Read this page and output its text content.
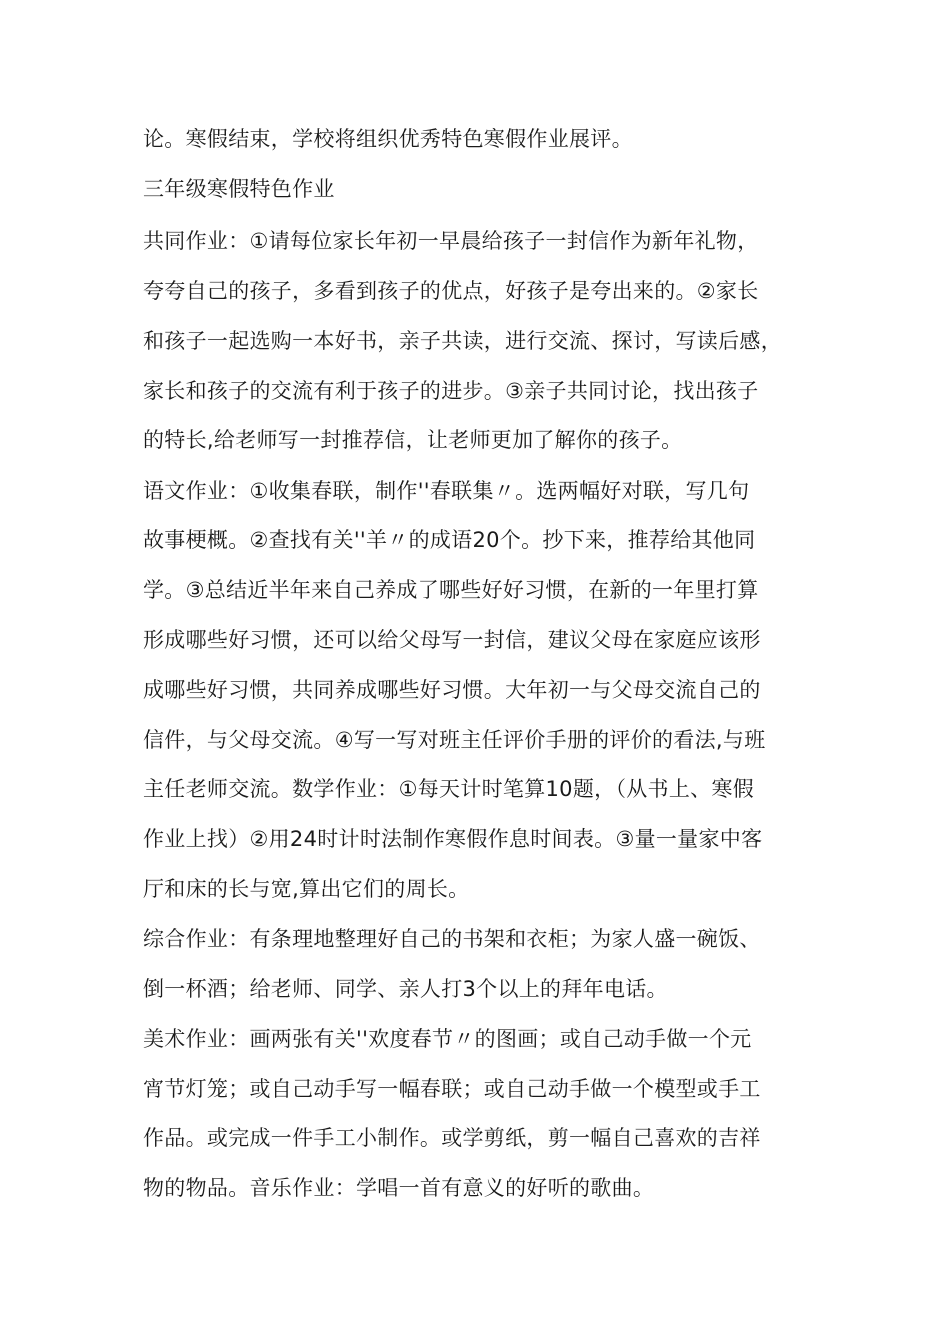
论。寒假结束，学校将组织优秀特色寒假作业展评。
三年级寒假特色作业
共同作业：①请每位家长年初一早晨给孩子一封信作为新年礼物，
夸夸自己的孩子，多看到孩子的优点，好孩子是夸出来的。②家长
和孩子一起选购一本好书，亲子共读，进行交流、探讨，写读后感，
家长和孩子的交流有利于孩子的进步。③亲子共同讨论，找出孩子
的特长,给老师写一封推荐信，让老师更加了解你的孩子。
语文作业：①收集春联，制作''春联集〃。选两幅好对联，写几句
故事梗概。②查找有关''羊〃的成语20个。抄下来，推荐给其他同
学。③总结近半年来自己养成了哪些好好习惯，在新的一年里打算
形成哪些好习惯，还可以给父母写一封信，建议父母在家庭应该形
成哪些好习惯，共同养成哪些好习惯。大年初一与父母交流自己的
信件，与父母交流。④写一写对班主任评价手册的评价的看法,与班
主任老师交流。数学作业：①每天计时笔算10题，（从书上、寒假
作业上找）②用24时计时法制作寒假作息时间表。③量一量家中客
厅和床的长与宽,算出它们的周长。
综合作业：有条理地整理好自己的书架和衣柜；为家人盛一碗饭、
倒一杯酒；给老师、同学、亲人打3个以上的拜年电话。
美术作业：画两张有关''欢度春节〃的图画；或自己动手做一个元
宵节灯笼；或自己动手写一幅春联；或自己动手做一个模型或手工
作品。或完成一件手工小制作。或学剪纸，剪一幅自己喜欢的吉祥
物的物品。音乐作业：学唱一首有意义的好听的歌曲。
